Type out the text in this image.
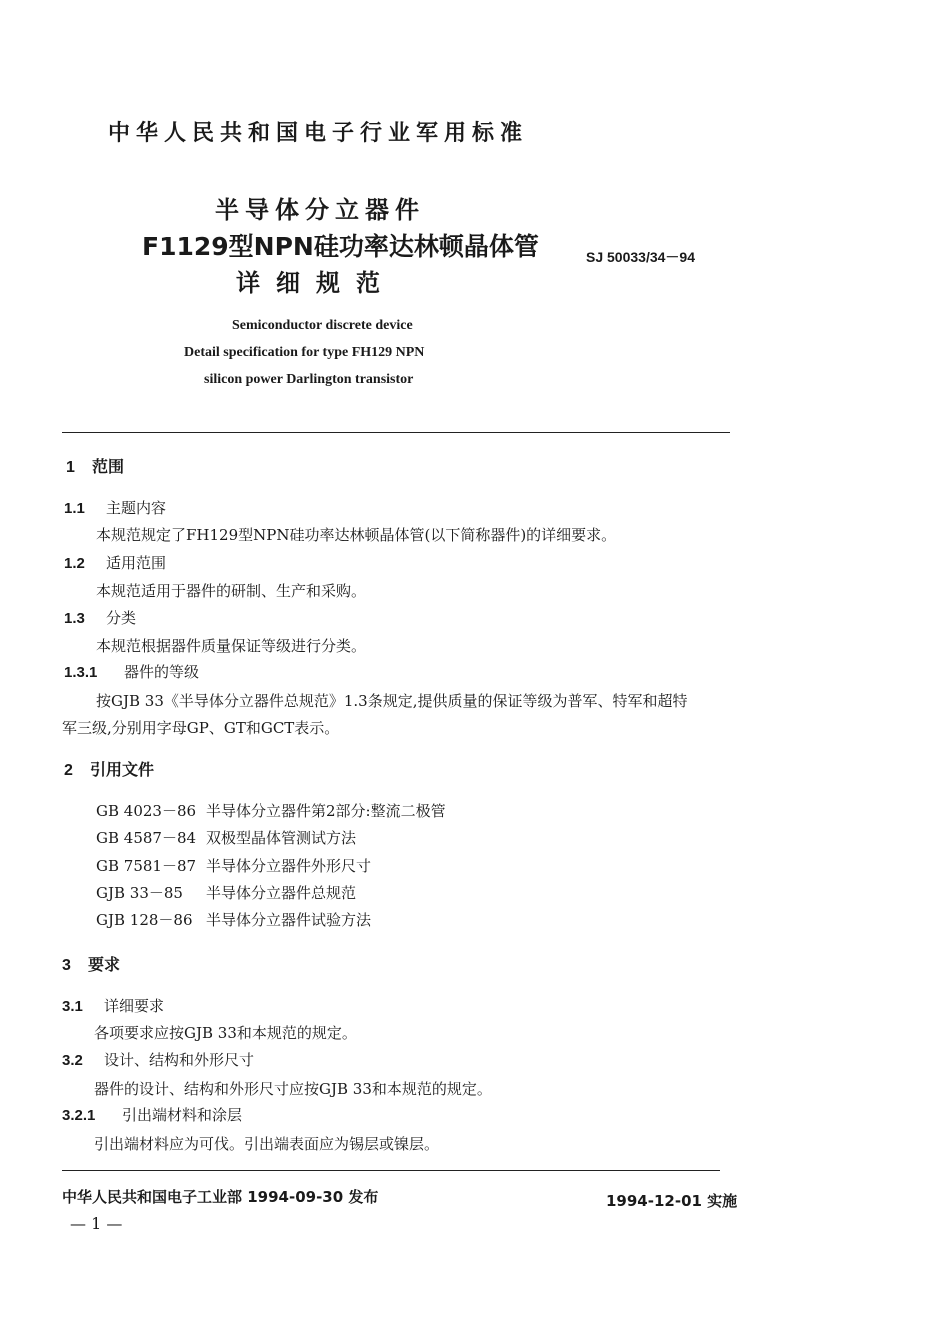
中华人民共和国电子行业军用标准
半导体分立器件
F1129型NPN硅功率达林顿晶体管
详细规范
SJ 50033/34－94
Semiconductor discrete device
Detail specification for type FH129 NPN
silicon power Darlington transistor
1 范围
1.1 主题内容
本规范规定了FH129型NPN硅功率达林顿晶体管(以下简称器件)的详细要求。
1.2 适用范围
本规范适用于器件的研制、生产和采购。
1.3 分类
本规范根据器件质量保证等级进行分类。
1.3.1 器件的等级
按GJB 33《半导体分立器件总规范》1.3条规定,提供质量的保证等级为普军、特军和超特
军三级,分别用字母GP、GT和GCT表示。
2 引用文件
GB 4023－86 半导体分立器件第2部分:整流二极管
GB 4587－84 双极型晶体管测试方法
GB 7581－87 半导体分立器件外形尺寸
GJB 33－85 半导体分立器件总规范
GJB 128－86 半导体分立器件试验方法
3 要求
3.1 详细要求
各项要求应按GJB 33和本规范的规定。
3.2 设计、结构和外形尺寸
器件的设计、结构和外形尺寸应按GJB 33和本规范的规定。
3.2.1 引出端材料和涂层
引出端材料应为可伐。引出端表面应为锡层或镍层。
中华人民共和国电子工业部 1994-09-30 发布	1994-12-01 实施
— 1 —
